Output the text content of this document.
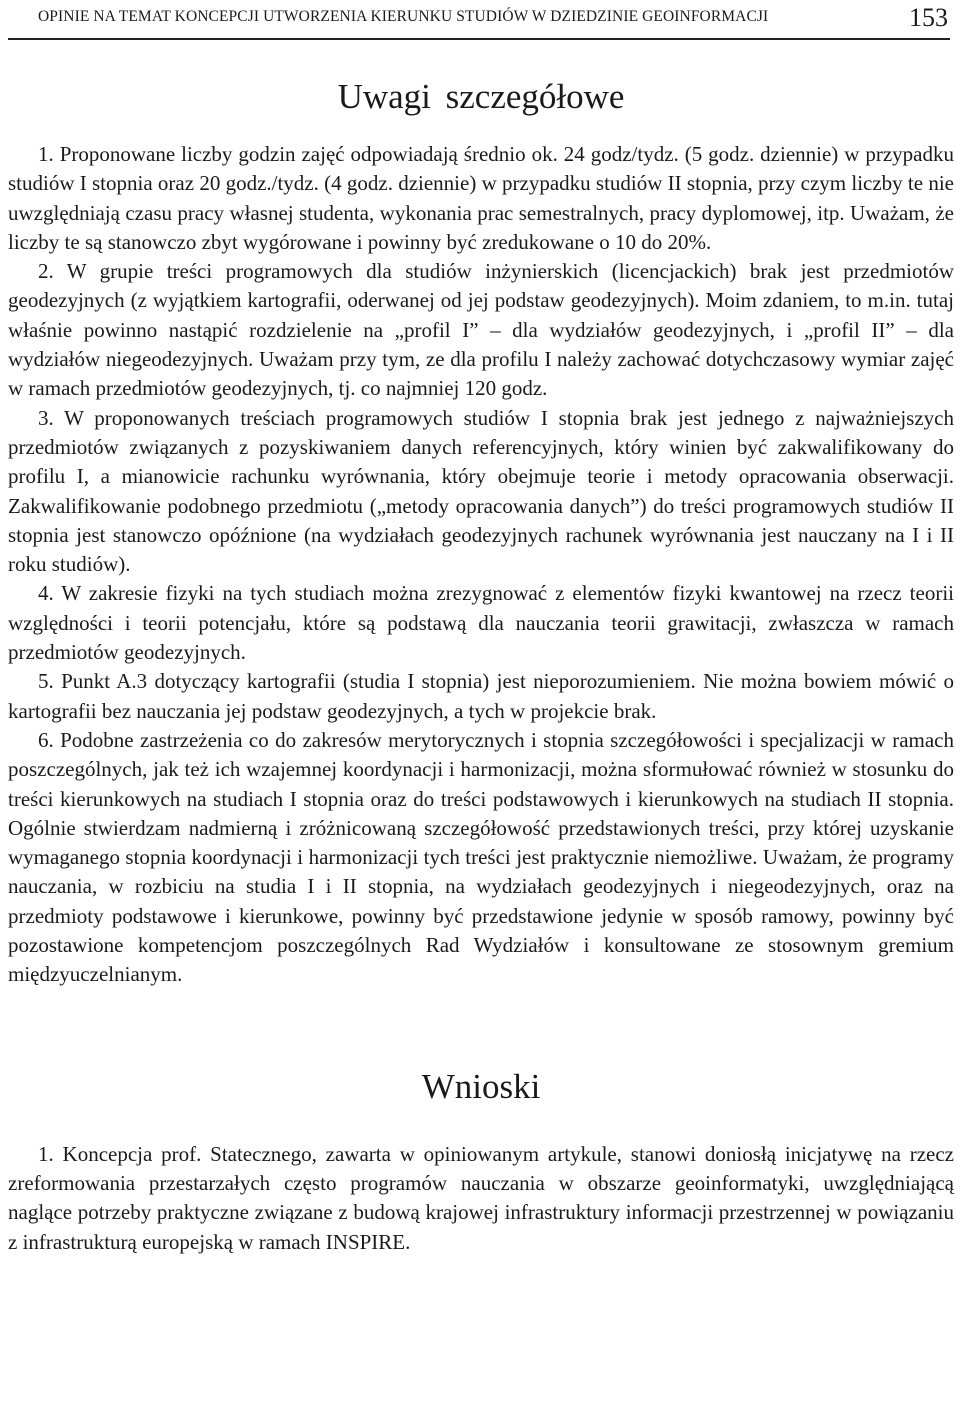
OPINIE NA TEMAT KONCEPCJI UTWORZENIA KIERUNKU STUDIÓW W DZIEDZINIE GEOINFORMACJI	153
Uwagi szczegółowe

1. Proponowane liczby godzin zajęć odpowiadają średnio ok. 24 godz/tydz. (5 godz. dziennie) w przypadku studiów I stopnia oraz 20 godz./tydz. (4 godz. dziennie) w przypadku studiów II stopnia, przy czym liczby te nie uwzględniają czasu pracy własnej studenta, wykonania prac semestralnych, pracy dyplomowej, itp. Uważam, że liczby te są stanowczo zbyt wygórowane i powinny być zredukowane o 10 do 20%.

2. W grupie treści programowych dla studiów inżynierskich (licencjackich) brak jest przedmiotów geodezyjnych (z wyjątkiem kartografii, oderwanej od jej podstaw geodezyjnych). Moim zdaniem, to m.in. tutaj właśnie powinno nastąpić rozdzielenie na „profil I” – dla wydziałów geodezyjnych, i „profil II” – dla wydziałów niegeodezyjnych. Uważam przy tym, ze dla profilu I należy zachować dotychczasowy wymiar zajęć w ramach przedmiotów geodezyjnych, tj. co najmniej 120 godz.

3. W proponowanych treściach programowych studiów I stopnia brak jest jednego z najważniejszych przedmiotów związanych z pozyskiwaniem danych referencyjnych, który winien być zakwalifikowany do profilu I, a mianowicie rachunku wyrównania, który obejmuje teorie i metody opracowania obserwacji. Zakwalifikowanie podobnego przedmiotu („metody opracowania danych”) do treści programowych studiów II stopnia jest stanowczo opóźnione (na wydziałach geodezyjnych rachunek wyrównania jest nauczany na I i II roku studiów).

4. W zakresie fizyki na tych studiach można zrezygnować z elementów fizyki kwantowej na rzecz teorii względności i teorii potencjału, które są podstawą dla nauczania teorii grawitacji, zwłaszcza w ramach przedmiotów geodezyjnych.

5. Punkt A.3 dotyczący kartografii (studia I stopnia) jest nieporozumieniem. Nie można bowiem mówić o kartografii bez nauczania jej podstaw geodezyjnych, a tych w projekcie brak.

6. Podobne zastrzeżenia co do zakresów merytorycznych i stopnia szczegółowości i specjalizacji w ramach poszczególnych, jak też ich wzajemnej koordynacji i harmonizacji, można sformułować również w stosunku do treści kierunkowych na studiach I stopnia oraz do treści podstawowych i kierunkowych na studiach II stopnia. Ogólnie stwierdzam nadmierną i zróżnicowaną szczegółowość przedstawionych treści, przy której uzyskanie wymaganego stopnia koordynacji i harmonizacji tych treści jest praktycznie niemożliwe. Uważam, że programy nauczania, w rozbiciu na studia I i II stopnia, na wydziałach geodezyjnych i niegeodezyjnych, oraz na przedmioty podstawowe i kierunkowe, powinny być przedstawione jedynie w sposób ramowy, powinny być pozostawione kompetencjom poszczególnych Rad Wydziałów i konsultowane ze stosownym gremium międzyuczelnianym.

Wnioski

1. Koncepcja prof. Statecznego, zawarta w opiniowanym artykule, stanowi doniosłą inicjatywę na rzecz zreformowania przestarzałych często programów nauczania w obszarze geoinformatyki, uwzględniającą naglące potrzeby praktyczne związane z budową krajowej infrastruktury informacji przestrzennej w powiązaniu z infrastrukturą europejską w ramach INSPIRE.
